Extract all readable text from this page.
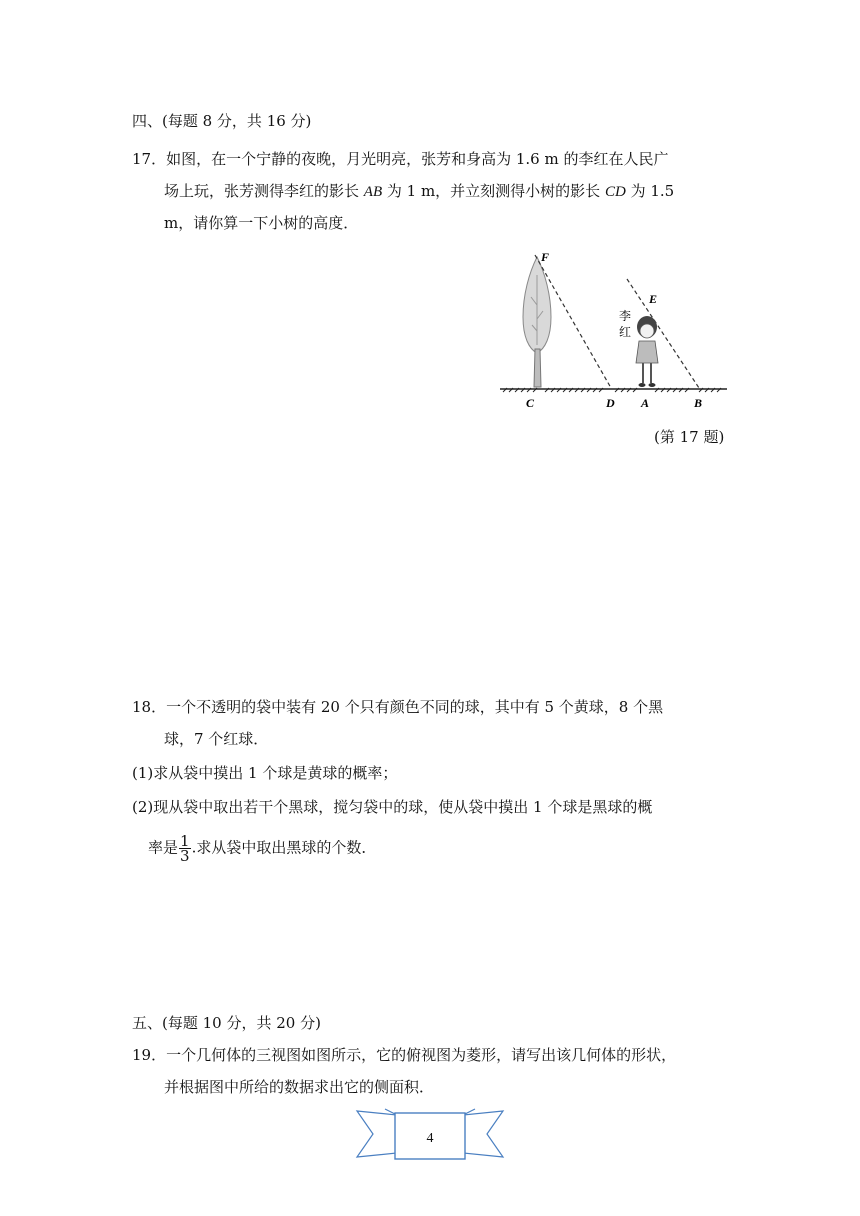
四、(每题 8 分，共 16 分)
17．如图，在一个宁静的夜晚，月光明亮，张芳和身高为 1.6 m 的李红在人民广
场上玩，张芳测得李红的影长 AB 为 1 m，并立刻测得小树的影长 CD 为 1.5
m，请你算一下小树的高度．
F
E
李
红
C	D A	B
(第 17 题)
18．一个不透明的袋中装有 20 个只有颜色不同的球，其中有 5 个黄球，8 个黑
球，7 个红球．
(1)求从袋中摸出 1 个球是黄球的概率；
(2)现从袋中取出若干个黑球，搅匀袋中的球，使从袋中摸出 1 个球是黑球的概
率是 $\frac{1}{3}$ .求从袋中取出黑球的个数．
五、(每题 10 分，共 20 分)
19．一个几何体的三视图如图所示，它的俯视图为菱形，请写出该几何体的形状，
并根据图中所给的数据求出它的侧面积．
4
